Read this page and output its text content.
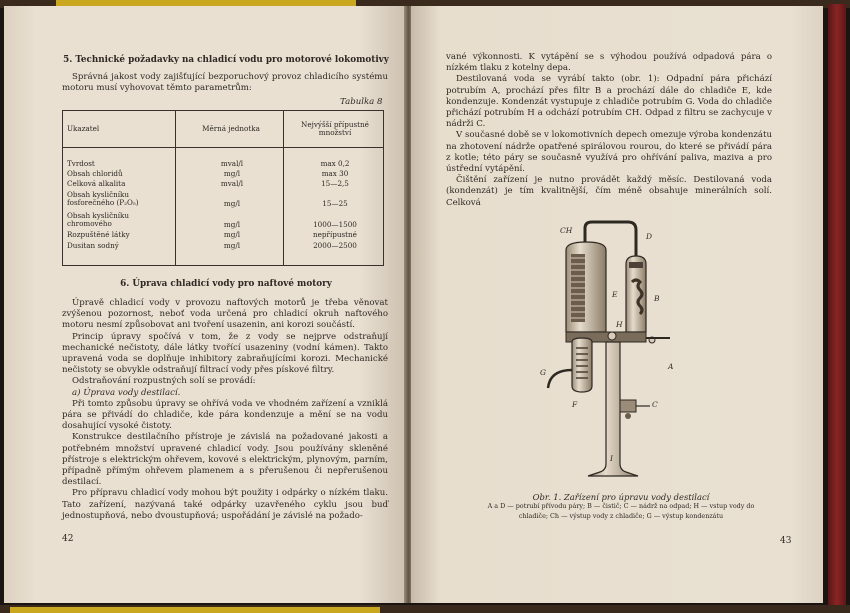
5. Technické požadavky na chladicí vodu pro motorové lokomotivy

Správná jakost vody zajišťující bezporuchový provoz chladicího systému motoru musí vyhovovat těmto parametrům:

Tabulka 8
Ukazatel	Měrná jednotka	Nejvýšší přípustné množství
Tvrdost	mval/l	max 0,2
Obsah chloridů	mg/l	max 30
Celková alkalita	mval/l	15—2,5
Obsah kysličníku fosforečného (P₂O₅)	mg/l	15—25
Obsah kysličníku chromového	mg/l	1000—1500
Rozpuštěné látky	mg/l	nepřípustné
Dusitan sodný	mg/l	2000—2500
6. Úprava chladicí vody pro naftové motory

Úpravě chladicí vody v provozu naftových motorů je třeba věnovat zvýšenou pozornost, neboť voda určená pro chladicí okruh naftového motoru nesmí způsobovat ani tvoření usazenin, ani korozi součástí.

Princip úpravy spočívá v tom, že z vody se nejprve odstraňují mechanické nečistoty, dále látky tvořící usazeniny (vodní kámen). Takto upravená voda se doplňuje inhibitory zabraňujícími korozi. Mechanické nečistoty se obvykle odstraňují filtrací vody přes pískové filtry.

Odstraňování rozpustných solí se provádí:

a) Úprava vody destilací.

Při tomto způsobu úpravy se ohřívá voda ve vhodném zařízení a vzniklá pára se přivádí do chladiče, kde pára kondenzuje a mění se na vodu dosahující vysoké čistoty.

Konstrukce destilačního přístroje je závislá na požadované jakosti a potřebném množství upravené chladicí vody. Jsou používány skleněné přístroje s elektrickým ohřevem, kovové s elektrickým, plynovým, parním, případně přímým ohřevem plamenem a s přerušenou či nepřerušenou destilací.

Pro přípravu chladicí vody mohou být použity i odpárky o nízkém tlaku. Tato zařízení, nazývaná také odpárky uzavřeného cyklu jsou buď jednostupňová, nebo dvoustupňová; uspořádání je závislé na požado-

42

vané výkonnosti. K vytápění se s výhodou používá odpadová pára o nízkém tlaku z kotelny depa.

Destilovaná voda se vyrábí takto (obr. 1): Odpadní pára přichází potrubím A, prochází přes filtr B a prochází dále do chladiče E, kde kondenzuje. Kondenzát vystupuje z chladiče potrubím G. Voda do chladiče přichází potrubím H a odchází potrubím CH. Odpad z filtru se zachycuje v nádrži C.

V současné době se v lokomotivních depech omezuje výroba kondenzátu na zhotovení nádrže opatřené spirálovou rourou, do které se přivádí pára z kotle; této páry se současně využívá pro ohřívání paliva, maziva a pro ústřední vytápění.

Čištění zařízení je nutno provádět každý měsíc. Destilovaná voda (kondenzát) je tím kvalitnější, čím méně obsahuje minerálních solí. Celková

CH
D
E	B
H
A
G
F	C
I
Obr. 1. Zařízení pro úpravu vody destilací
A a D — potrubí přívodu páry; B — čistič; C — nádrž na odpad; H — vstup vody do
chladiče; Ch — výstup vody z chladiče; G — výstup kondenzátu
43
